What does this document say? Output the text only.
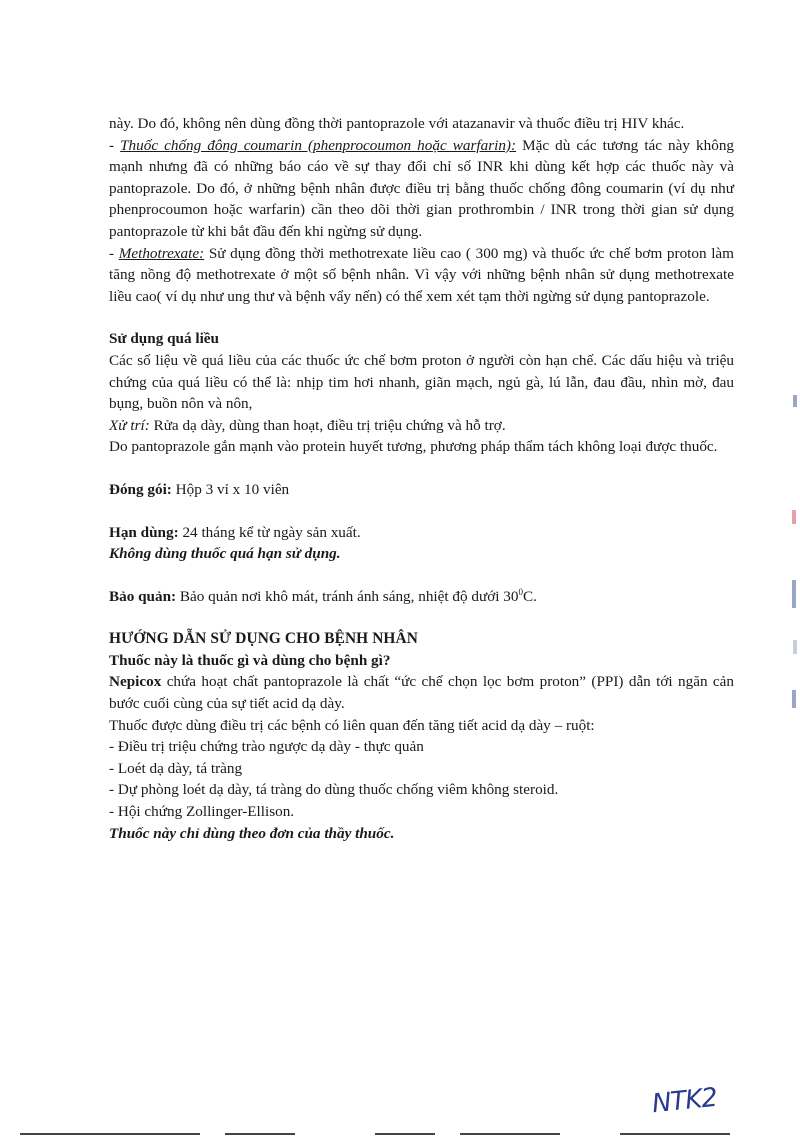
này. Do đó, không nên dùng đồng thời pantoprazole với atazanavir và thuốc điều trị HIV khác.

- Thuốc chống đông coumarin (phenprocoumon hoặc warfarin): Mặc dù các tương tác này không mạnh nhưng đã có những báo cáo về sự thay đổi chỉ số INR khi dùng kết hợp các thuốc này và pantoprazole. Do đó, ở những bệnh nhân được điều trị bằng thuốc chống đông coumarin (ví dụ như phenprocoumon hoặc warfarin) cần theo dõi thời gian prothrombin / INR trong thời gian sử dụng pantoprazole từ khi bắt đầu đến khi ngừng sử dụng.

- Methotrexate: Sử dụng đồng thời methotrexate liều cao ( 300 mg) và thuốc ức chế bơm proton làm tăng nồng độ methotrexate ở một số bệnh nhân. Vì vậy với những bệnh nhân sử dụng methotrexate liều cao( ví dụ như ung thư và bệnh vẩy nến) có thể xem xét tạm thời ngừng sử dụng pantoprazole.

Sử dụng quá liều

Các số liệu về quá liều của các thuốc ức chế bơm proton ở người còn hạn chế. Các dấu hiệu và triệu chứng của quá liều có thể là: nhịp tim hơi nhanh, giãn mạch, ngủ gà, lú lẫn, đau đầu, nhìn mờ, đau bụng, buồn nôn và nôn,

Xử trí: Rửa dạ dày, dùng than hoạt, điều trị triệu chứng và hỗ trợ.

Do pantoprazole gắn mạnh vào protein huyết tương, phương pháp thẩm tách không loại được thuốc.

Đóng gói: Hộp 3 vỉ x 10 viên

Hạn dùng: 24 tháng kể từ ngày sản xuất.

Không dùng thuốc quá hạn sử dụng.

Bảo quản: Bảo quản nơi khô mát, tránh ánh sáng, nhiệt độ dưới $30^0C$.

HƯỚNG DẪN SỬ DỤNG CHO BỆNH NHÂN

Thuốc này là thuốc gì và dùng cho bệnh gì?

Nepicox chứa hoạt chất pantoprazole là chất “ức chế chọn lọc bơm proton” (PPI) dẫn tới ngăn cản bước cuối cùng của sự tiết acid dạ dày.

Thuốc được dùng điều trị các bệnh có liên quan đến tăng tiết acid dạ dày – ruột:

- Điều trị triệu chứng trào ngược dạ dày - thực quản

- Loét dạ dày, tá tràng

- Dự phòng loét dạ dày, tá tràng do dùng thuốc chống viêm không steroid.

- Hội chứng Zollinger-Ellison.

Thuốc này chỉ dùng theo đơn của thầy thuốc.

NTK2
